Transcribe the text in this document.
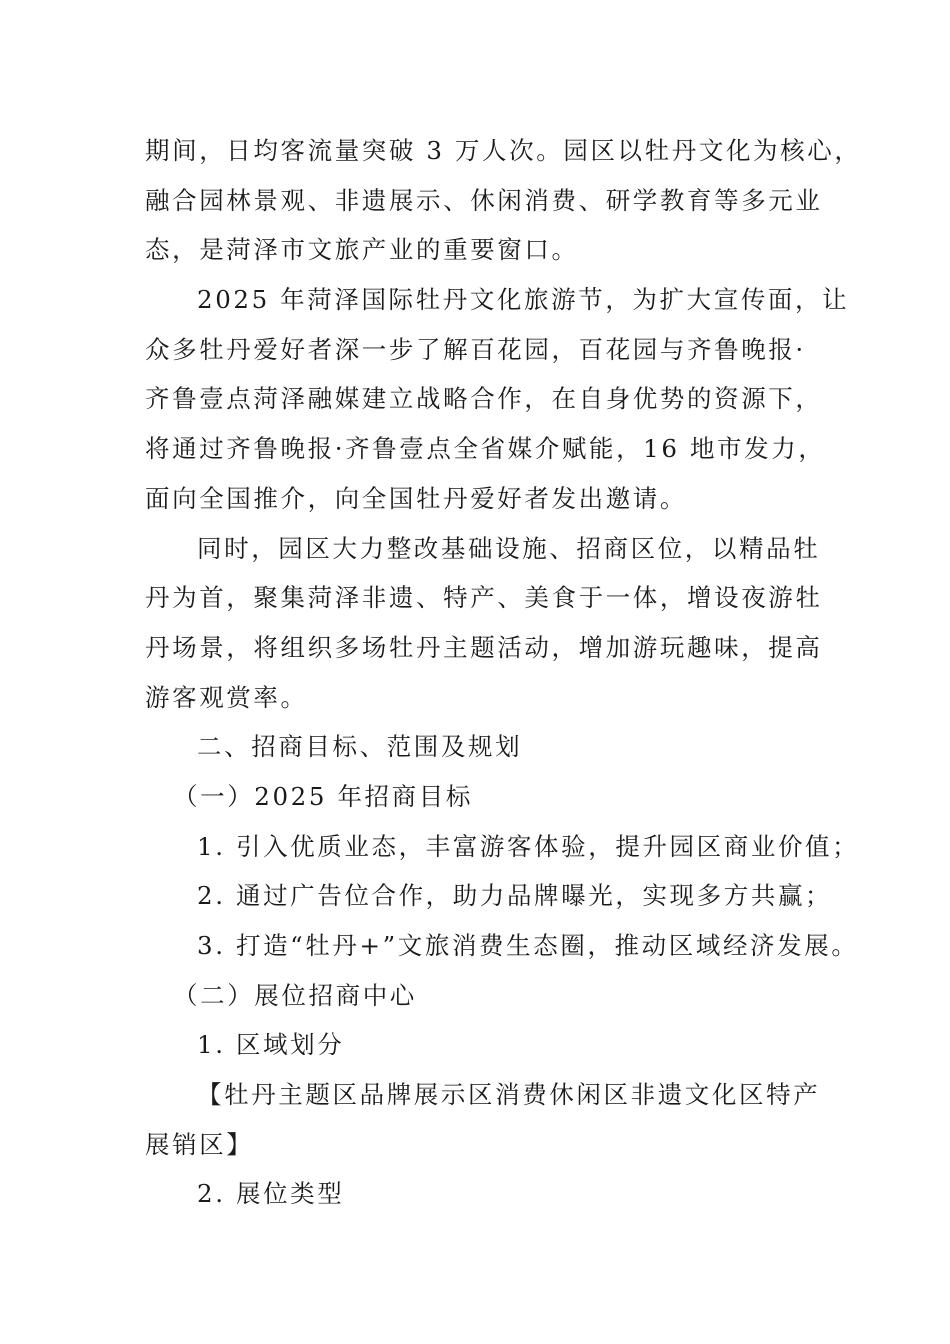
期间，日均客流量突破 3 万人次。园区以牡丹文化为核心，
融合园林景观、非遗展示、休闲消费、研学教育等多元业
态，是菏泽市文旅产业的重要窗口。
2025 年菏泽国际牡丹文化旅游节，为扩大宣传面，让
众多牡丹爱好者深一步了解百花园，百花园与齐鲁晚报·
齐鲁壹点菏泽融媒建立战略合作，在自身优势的资源下，
将通过齐鲁晚报·齐鲁壹点全省媒介赋能，16 地市发力，
面向全国推介，向全国牡丹爱好者发出邀请。
同时，园区大力整改基础设施、招商区位，以精品牡
丹为首，聚集菏泽非遗、特产、美食于一体，增设夜游牡
丹场景，将组织多场牡丹主题活动，增加游玩趣味，提高
游客观赏率。
二、招商目标、范围及规划
（一）2025 年招商目标
1. 引入优质业态，丰富游客体验，提升园区商业价值；
2. 通过广告位合作，助力品牌曝光，实现多方共赢；
3. 打造“牡丹+”文旅消费生态圈，推动区域经济发展。
（二）展位招商中心
1. 区域划分
【牡丹主题区品牌展示区消费休闲区非遗文化区特产
展销区】
2. 展位类型
